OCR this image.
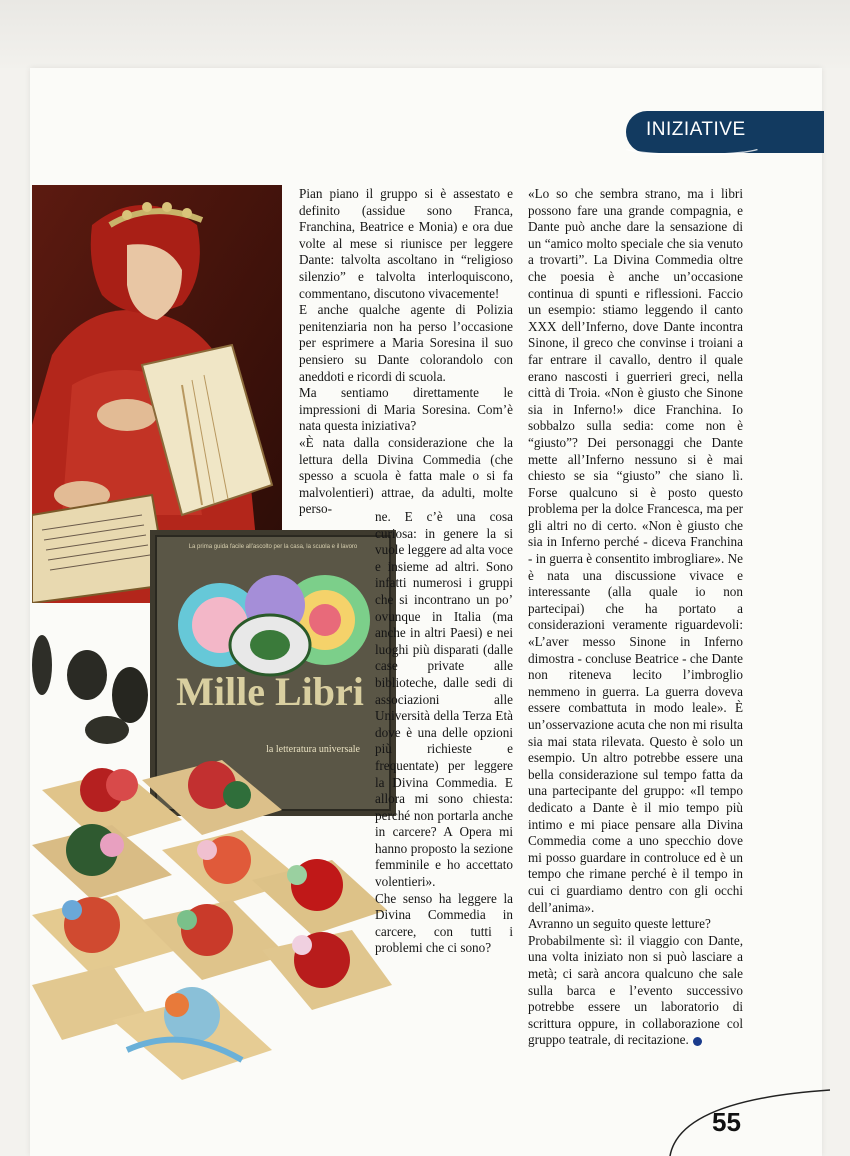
INIZIATIVE
Mille Libri
la letteratura universale
La prima guida facile all'ascolto per la casa, la scuola e il lavoro
Pian piano il gruppo si è assestato e definito (assidue sono Franca, Franchina, Beatrice e Monia) e ora due volte al mese si riunisce per leggere Dante: talvolta ascoltano in “religioso silenzio” e talvolta interloquiscono, commentano, discutono vivacemente!
E anche qualche agente di Polizia penitenziaria non ha perso l’occasione per esprimere a Maria Soresina il suo pensiero su Dante colorandolo con aneddoti e ricordi di scuola.
Ma sentiamo direttamente le impressioni di Maria Soresina. Com’è nata questa iniziativa?
«È nata dalla considerazione che la lettura della Divina Commedia (che spesso a scuola è fatta male o si fa malvolentieri) attrae, da adulti, molte perso-
ne. E c’è una cosa curiosa: in genere la si vuole leggere ad alta voce e insieme ad altri. Sono infatti numerosi i gruppi che si incontrano un po’ ovunque in Italia (ma anche in altri Paesi) e nei luoghi più disparati (dalle case private alle biblioteche, dalle sedi di associazioni alle Università della Terza Età dove è una delle opzioni più richieste e frequentate) per leggere la Divina Commedia. E allora mi sono chiesta: perché non portarla anche in carcere? A Opera mi hanno proposto la sezione femminile e ho accettato volentieri».
Che senso ha leggere la Divina Commedia in carcere, con tutti i problemi che ci sono?
«Lo so che sembra strano, ma i libri possono fare una grande compagnia, e Dante può anche dare la sensazione di un “amico molto speciale che sia venuto a trovarti”. La Divina Commedia oltre che poesia è anche un’occasione continua di spunti e riflessioni. Faccio un esempio: stiamo leggendo il canto XXX dell’Inferno, dove Dante incontra Sinone, il greco che convinse i troiani a far entrare il cavallo, dentro il quale erano nascosti i guerrieri greci, nella città di Troia. «Non è giusto che Sinone sia in Inferno!» dice Franchina. Io sobbalzo sulla sedia: come non è “giusto”? Dei personaggi che Dante mette all’Inferno nessuno si è mai chiesto se sia “giusto” che siano lì. Forse qualcuno si è posto questo problema per la dolce Francesca, ma per gli altri no di certo. «Non è giusto che sia in Inferno perché - diceva Franchina - in guerra è consentito imbrogliare». Ne è nata una discussione vivace e interessante (alla quale io non partecipai) che ha portato a considerazioni veramente riguardevoli: «L’aver messo Sinone in Inferno dimostra - concluse Beatrice - che Dante non riteneva lecito l’imbroglio nemmeno in guerra. La guerra doveva essere combattuta in modo leale». È un’osservazione acuta che non mi risulta sia mai stata rilevata. Questo è solo un esempio. Un altro potrebbe essere una bella considerazione sul tempo fatta da una partecipante del gruppo: «Il tempo dedicato a Dante è il mio tempo più intimo e mi piace pensare alla Divina Commedia come a uno specchio dove mi posso guardare in controluce ed è un tempo che rimane perché è il tempo in cui ci guardiamo dentro con gli occhi dell’anima».
Avranno un seguito queste letture?
Probabilmente sì: il viaggio con Dante, una volta iniziato non si può lasciare a metà; ci sarà ancora qualcuno che sale sulla barca e l’evento successivo potrebbe essere un laboratorio di scrittura oppure, in collaborazione col gruppo teatrale, di recitazione.
55
